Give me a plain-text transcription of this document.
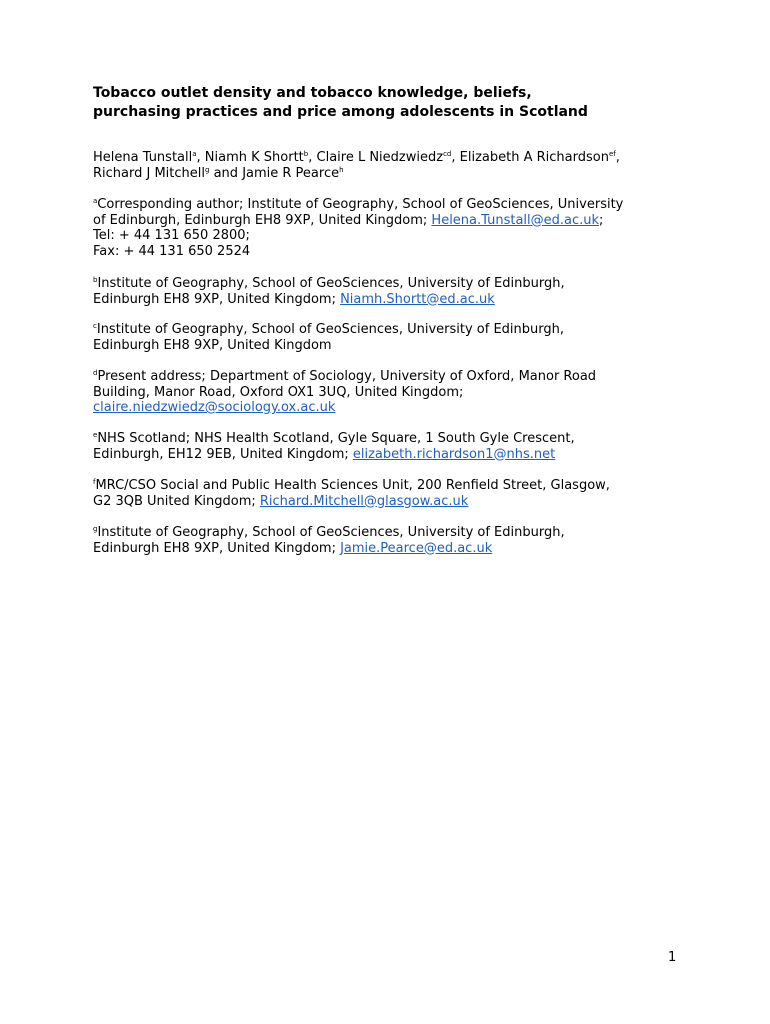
Tobacco outlet density and tobacco knowledge, beliefs,
purchasing practices and price among adolescents in Scotland

Helena Tunstall$^a$, Niamh K Shortt$^b$, Claire L Niedzwiedz$^{cd}$, Elizabeth A Richardson$^{ef}$,
Richard J Mitchell$^g$ and Jamie R Pearce$^h$

$^a$Corresponding author; Institute of Geography, School of GeoSciences, University
of Edinburgh, Edinburgh EH8 9XP, United Kingdom; Helena.Tunstall@ed.ac.uk;
Tel: + 44 131 650 2800;
Fax: + 44 131 650 2524

$^b$Institute of Geography, School of GeoSciences, University of Edinburgh,
Edinburgh EH8 9XP, United Kingdom; Niamh.Shortt@ed.ac.uk

$^c$Institute of Geography, School of GeoSciences, University of Edinburgh,
Edinburgh EH8 9XP, United Kingdom

$^d$Present address; Department of Sociology, University of Oxford, Manor Road
Building, Manor Road, Oxford OX1 3UQ, United Kingdom;
claire.niedzwiedz@sociology.ox.ac.uk

$^e$NHS Scotland; NHS Health Scotland, Gyle Square, 1 South Gyle Crescent,
Edinburgh, EH12 9EB, United Kingdom; elizabeth.richardson1@nhs.net

$^f$MRC/CSO Social and Public Health Sciences Unit, 200 Renfield Street, Glasgow,
G2 3QB United Kingdom; Richard.Mitchell@glasgow.ac.uk

$^g$Institute of Geography, School of GeoSciences, University of Edinburgh,
Edinburgh EH8 9XP, United Kingdom; Jamie.Pearce@ed.ac.uk

1
